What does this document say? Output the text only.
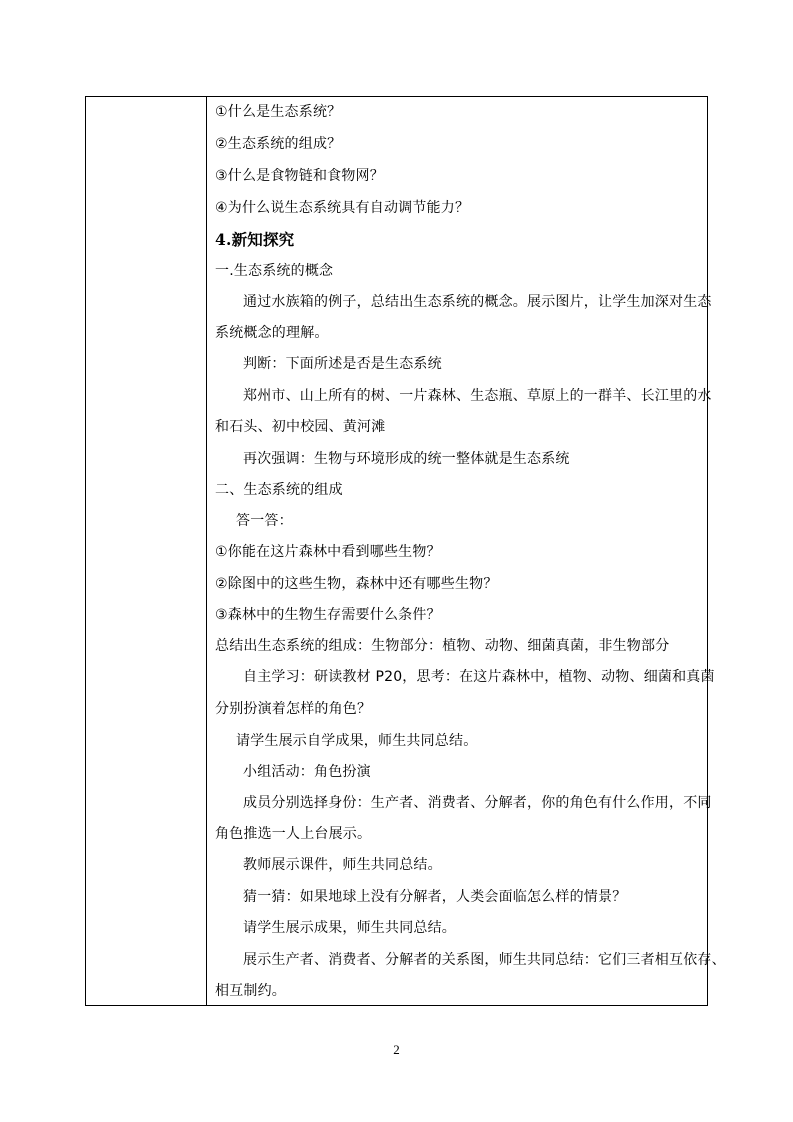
①什么是生态系统？
②生态系统的组成？
③什么是食物链和食物网？
④为什么说生态系统具有自动调节能力？
4.新知探究
一.生态系统的概念
通过水族箱的例子，总结出生态系统的概念。展示图片，让学生加深对生态
系统概念的理解。
判断：下面所述是否是生态系统
郑州市、山上所有的树、一片森林、生态瓶、草原上的一群羊、长江里的水
和石头、初中校园、黄河滩
再次强调：生物与环境形成的统一整体就是生态系统
二、生态系统的组成
答一答：
①你能在这片森林中看到哪些生物？
②除图中的这些生物，森林中还有哪些生物？
③森林中的生物生存需要什么条件？
总结出生态系统的组成：生物部分：植物、动物、细菌真菌，非生物部分
自主学习：研读教材 P20，思考：在这片森林中，植物、动物、细菌和真菌
分别扮演着怎样的角色？
请学生展示自学成果，师生共同总结。
小组活动：角色扮演
成员分别选择身份：生产者、消费者、分解者，你的角色有什么作用，不同
角色推选一人上台展示。
教师展示课件，师生共同总结。
猜一猜：如果地球上没有分解者，人类会面临怎么样的情景？
请学生展示成果，师生共同总结。
展示生产者、消费者、分解者的关系图，师生共同总结：它们三者相互依存、
相互制约。
2
